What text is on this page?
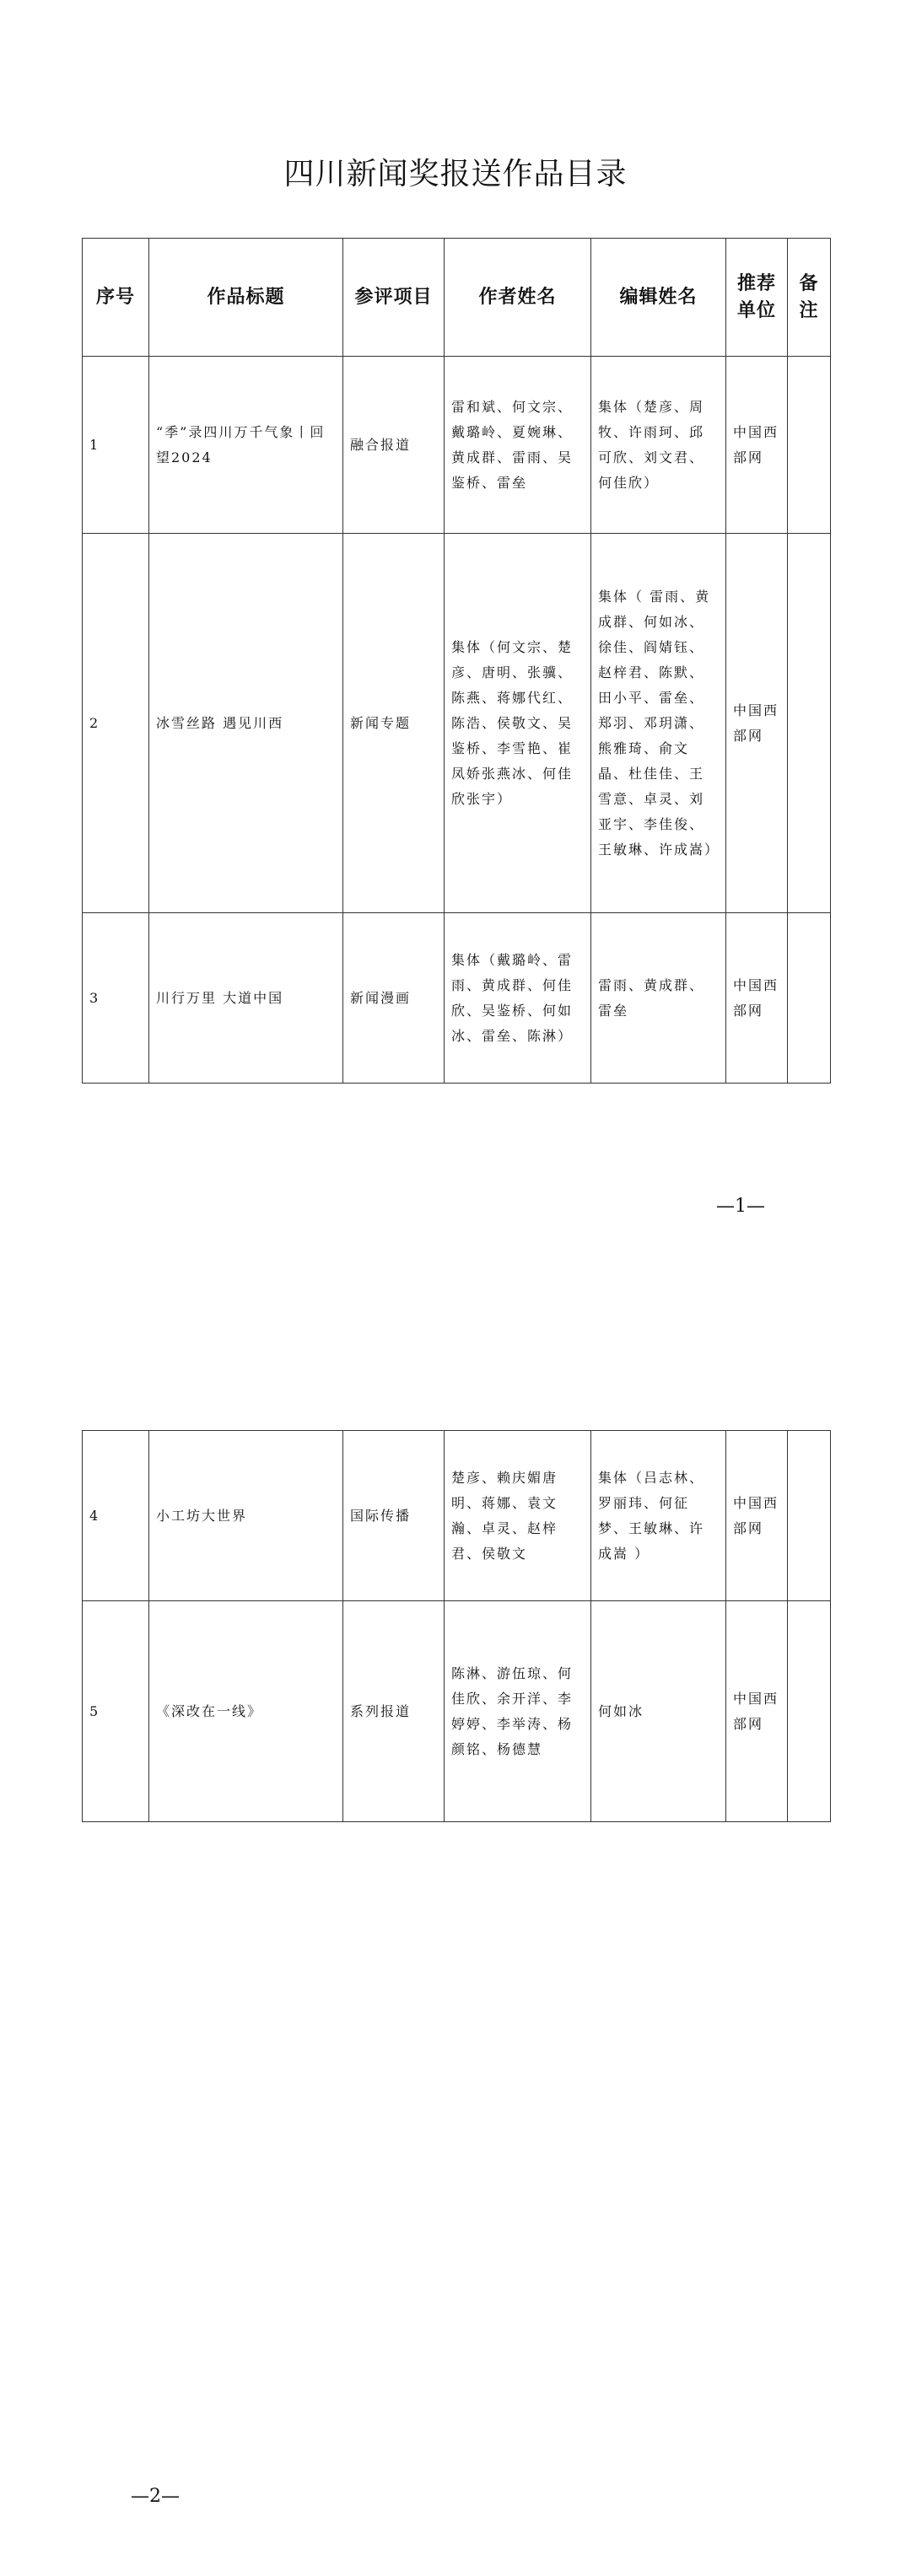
四川新闻奖报送作品目录
序号	作品标题	参评项目	作者姓名	编辑姓名	推荐单位	备注
1	“季”录四川万千气象丨回望2024	融合报道	雷和斌、何文宗、戴璐岭、夏婉琳、黄成群、雷雨、吴鉴桥、雷垒	集体（楚彦、周牧、许雨珂、邱可欣、刘文君、何佳欣）	中国西部网	
2	冰雪丝路 遇见川西	新闻专题	集体（何文宗、楚彦、唐明、张骥、陈燕、蒋娜代红、陈浩、侯敬文、吴鉴桥、李雪艳、崔凤娇张燕冰、何佳欣张宇）	集体（ 雷雨、黄成群、何如冰、徐佳、阎婧钰、赵梓君、陈默、田小平、雷垒、郑羽、邓玥潇、熊雅琦、俞文晶、杜佳佳、王雪意、卓灵、刘亚宇、李佳俊、王敏琳、许成嵩）	中国西部网	
3	川行万里 大道中国	新闻漫画	集体（戴璐岭、雷雨、黄成群、何佳欣、吴鉴桥、何如冰、雷垒、陈淋）	雷雨、黄成群、雷垒	中国西部网	
—1—
4	小工坊大世界	国际传播	楚彦、赖庆媚唐明、蒋娜、袁文瀚、卓灵、赵梓君、侯敬文	集体（吕志林、罗丽玮、何征梦、王敏琳、许成嵩 ）	中国西部网	
5	《深改在一线》	系列报道	陈淋、游伍琼、何佳欣、余开洋、李婷婷、李举涛、杨颜铭、杨德慧	何如冰	中国西部网	
—2—
